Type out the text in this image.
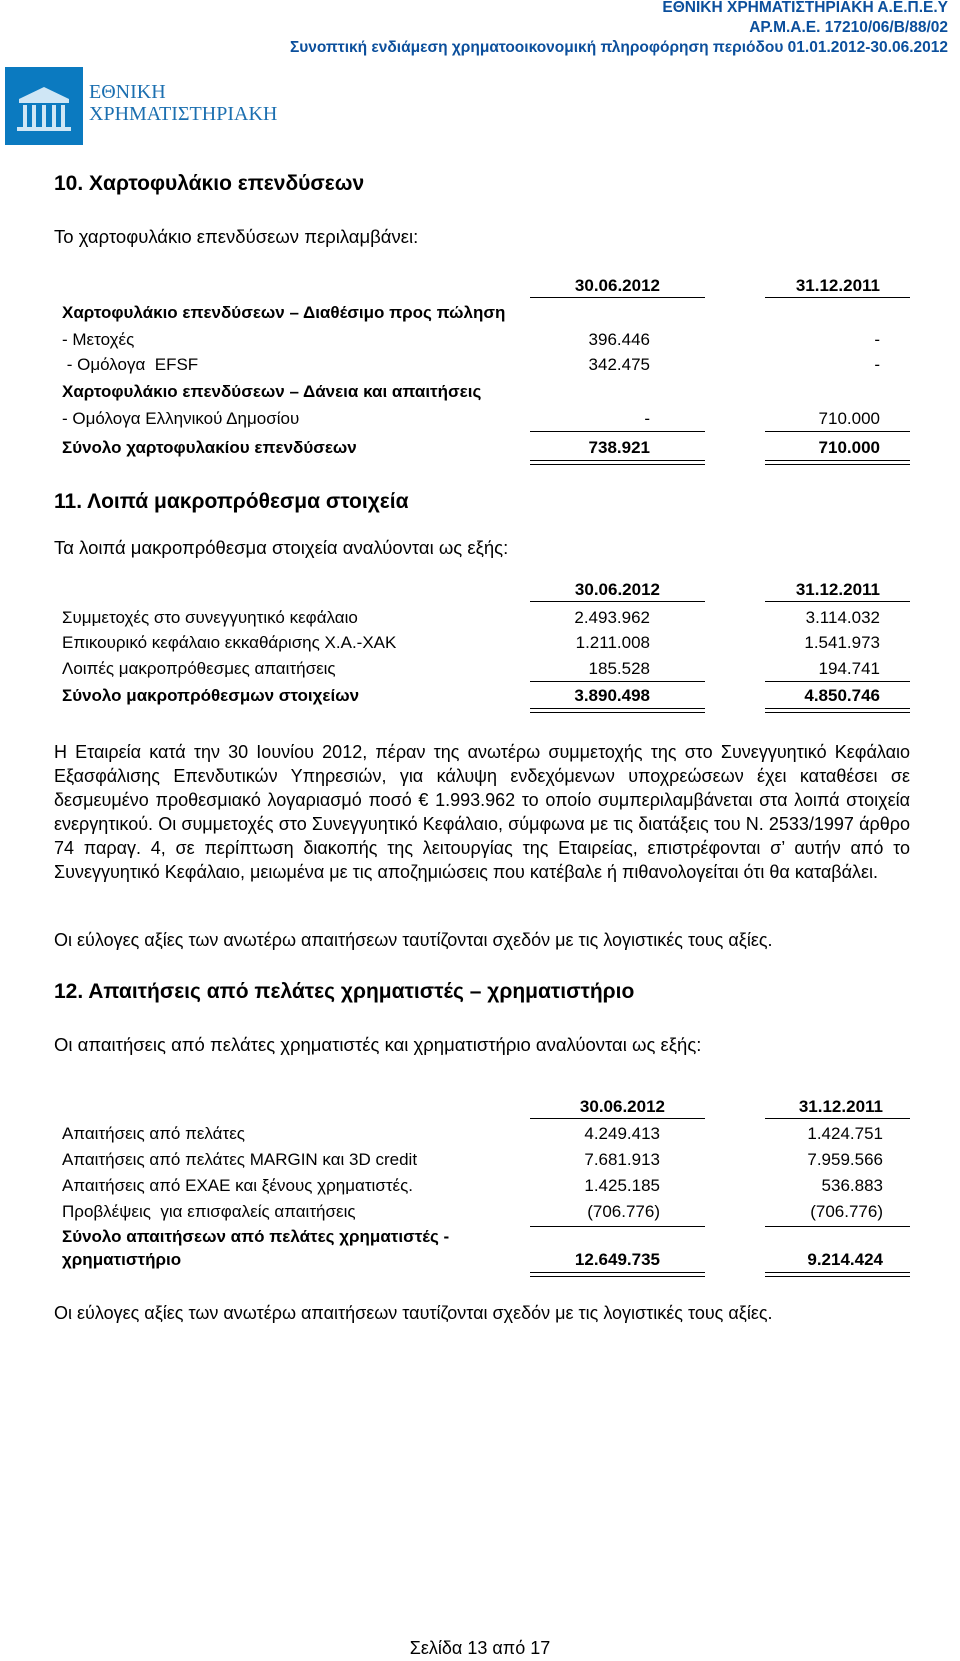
ΕΘΝΙΚΗ ΧΡΗΜΑΤΙΣΤΗΡΙΑΚΗ Α.Ε.Π.Ε.Υ
ΑΡ.Μ.Α.Ε. 17210/06/Β/88/02
Συνοπτική ενδιάμεση χρηματοοικονομική πληροφόρηση περιόδου 01.01.2012-30.06.2012
ΕΘΝΙΚΗ
ΧΡΗΜΑΤΙΣΤΗΡΙΑΚΗ
10. Χαρτοφυλάκιο επενδύσεων
Το χαρτοφυλάκιο επενδύσεων περιλαμβάνει:
30.06.2012	31.12.2011
Χαρτοφυλάκιο επενδύσεων – Διαθέσιμο προς πώληση
- Μετοχές	396.446	-
- Ομόλογα  EFSF	342.475	-
Χαρτοφυλάκιο επενδύσεων – Δάνεια και απαιτήσεις
- Ομόλογα Ελληνικού Δημοσίου	-	710.000
Σύνολο χαρτοφυλακίου επενδύσεων	738.921	710.000
11. Λοιπά μακροπρόθεσμα στοιχεία
Τα λοιπά μακροπρόθεσμα στοιχεία αναλύονται ως εξής:
30.06.2012	31.12.2011
Συμμετοχές στο συνεγγυητικό κεφάλαιο	2.493.962	3.114.032
Επικουρικό κεφάλαιο εκκαθάρισης Χ.Α.-ΧΑΚ	1.211.008	1.541.973
Λοιπές μακροπρόθεσμες απαιτήσεις	185.528	194.741
Σύνολο μακροπρόθεσμων στοιχείων	3.890.498	4.850.746
Η Εταιρεία κατά την 30 Ιουνίου 2012, πέραν της ανωτέρω συμμετοχής της στο Συνεγγυητικό Κεφάλαιο Εξασφάλισης Επενδυτικών Υπηρεσιών, για κάλυψη ενδεχόμενων υποχρεώσεων έχει καταθέσει σε δεσμευμένο προθεσμιακό λογαριασμό ποσό € 1.993.962 το οποίο συμπεριλαμβάνεται στα λοιπά στοιχεία ενεργητικού. Οι συμμετοχές στο Συνεγγυητικό Κεφάλαιο, σύμφωνα με τις διατάξεις του Ν. 2533/1997 άρθρο 74 παραγ. 4, σε περίπτωση διακοπής της λειτουργίας της Εταιρείας, επιστρέφονται σ’ αυτήν από το Συνεγγυητικό Κεφάλαιο, μειωμένα με τις αποζημιώσεις που κατέβαλε ή πιθανολογείται ότι θα καταβάλει.
Οι εύλογες αξίες των ανωτέρω απαιτήσεων ταυτίζονται σχεδόν με τις λογιστικές τους αξίες.
12. Απαιτήσεις από πελάτες χρηματιστές – χρηματιστήριο
Οι απαιτήσεις από πελάτες χρηματιστές και χρηματιστήριο αναλύονται ως εξής:
30.06.2012	31.12.2011
Απαιτήσεις από πελάτες	4.249.413	1.424.751
Απαιτήσεις από πελάτες MARGIN και 3D credit	7.681.913	7.959.566
Απαιτήσεις από ΕΧΑΕ και ξένους χρηματιστές.	1.425.185	536.883
Προβλέψεις  για επισφαλείς απαιτήσεις	(706.776)	(706.776)
Σύνολο απαιτήσεων από πελάτες χρηματιστές -
χρηματιστήριο	12.649.735	9.214.424
Οι εύλογες αξίες των ανωτέρω απαιτήσεων ταυτίζονται σχεδόν με τις λογιστικές τους αξίες.
Σελίδα 13 από 17
